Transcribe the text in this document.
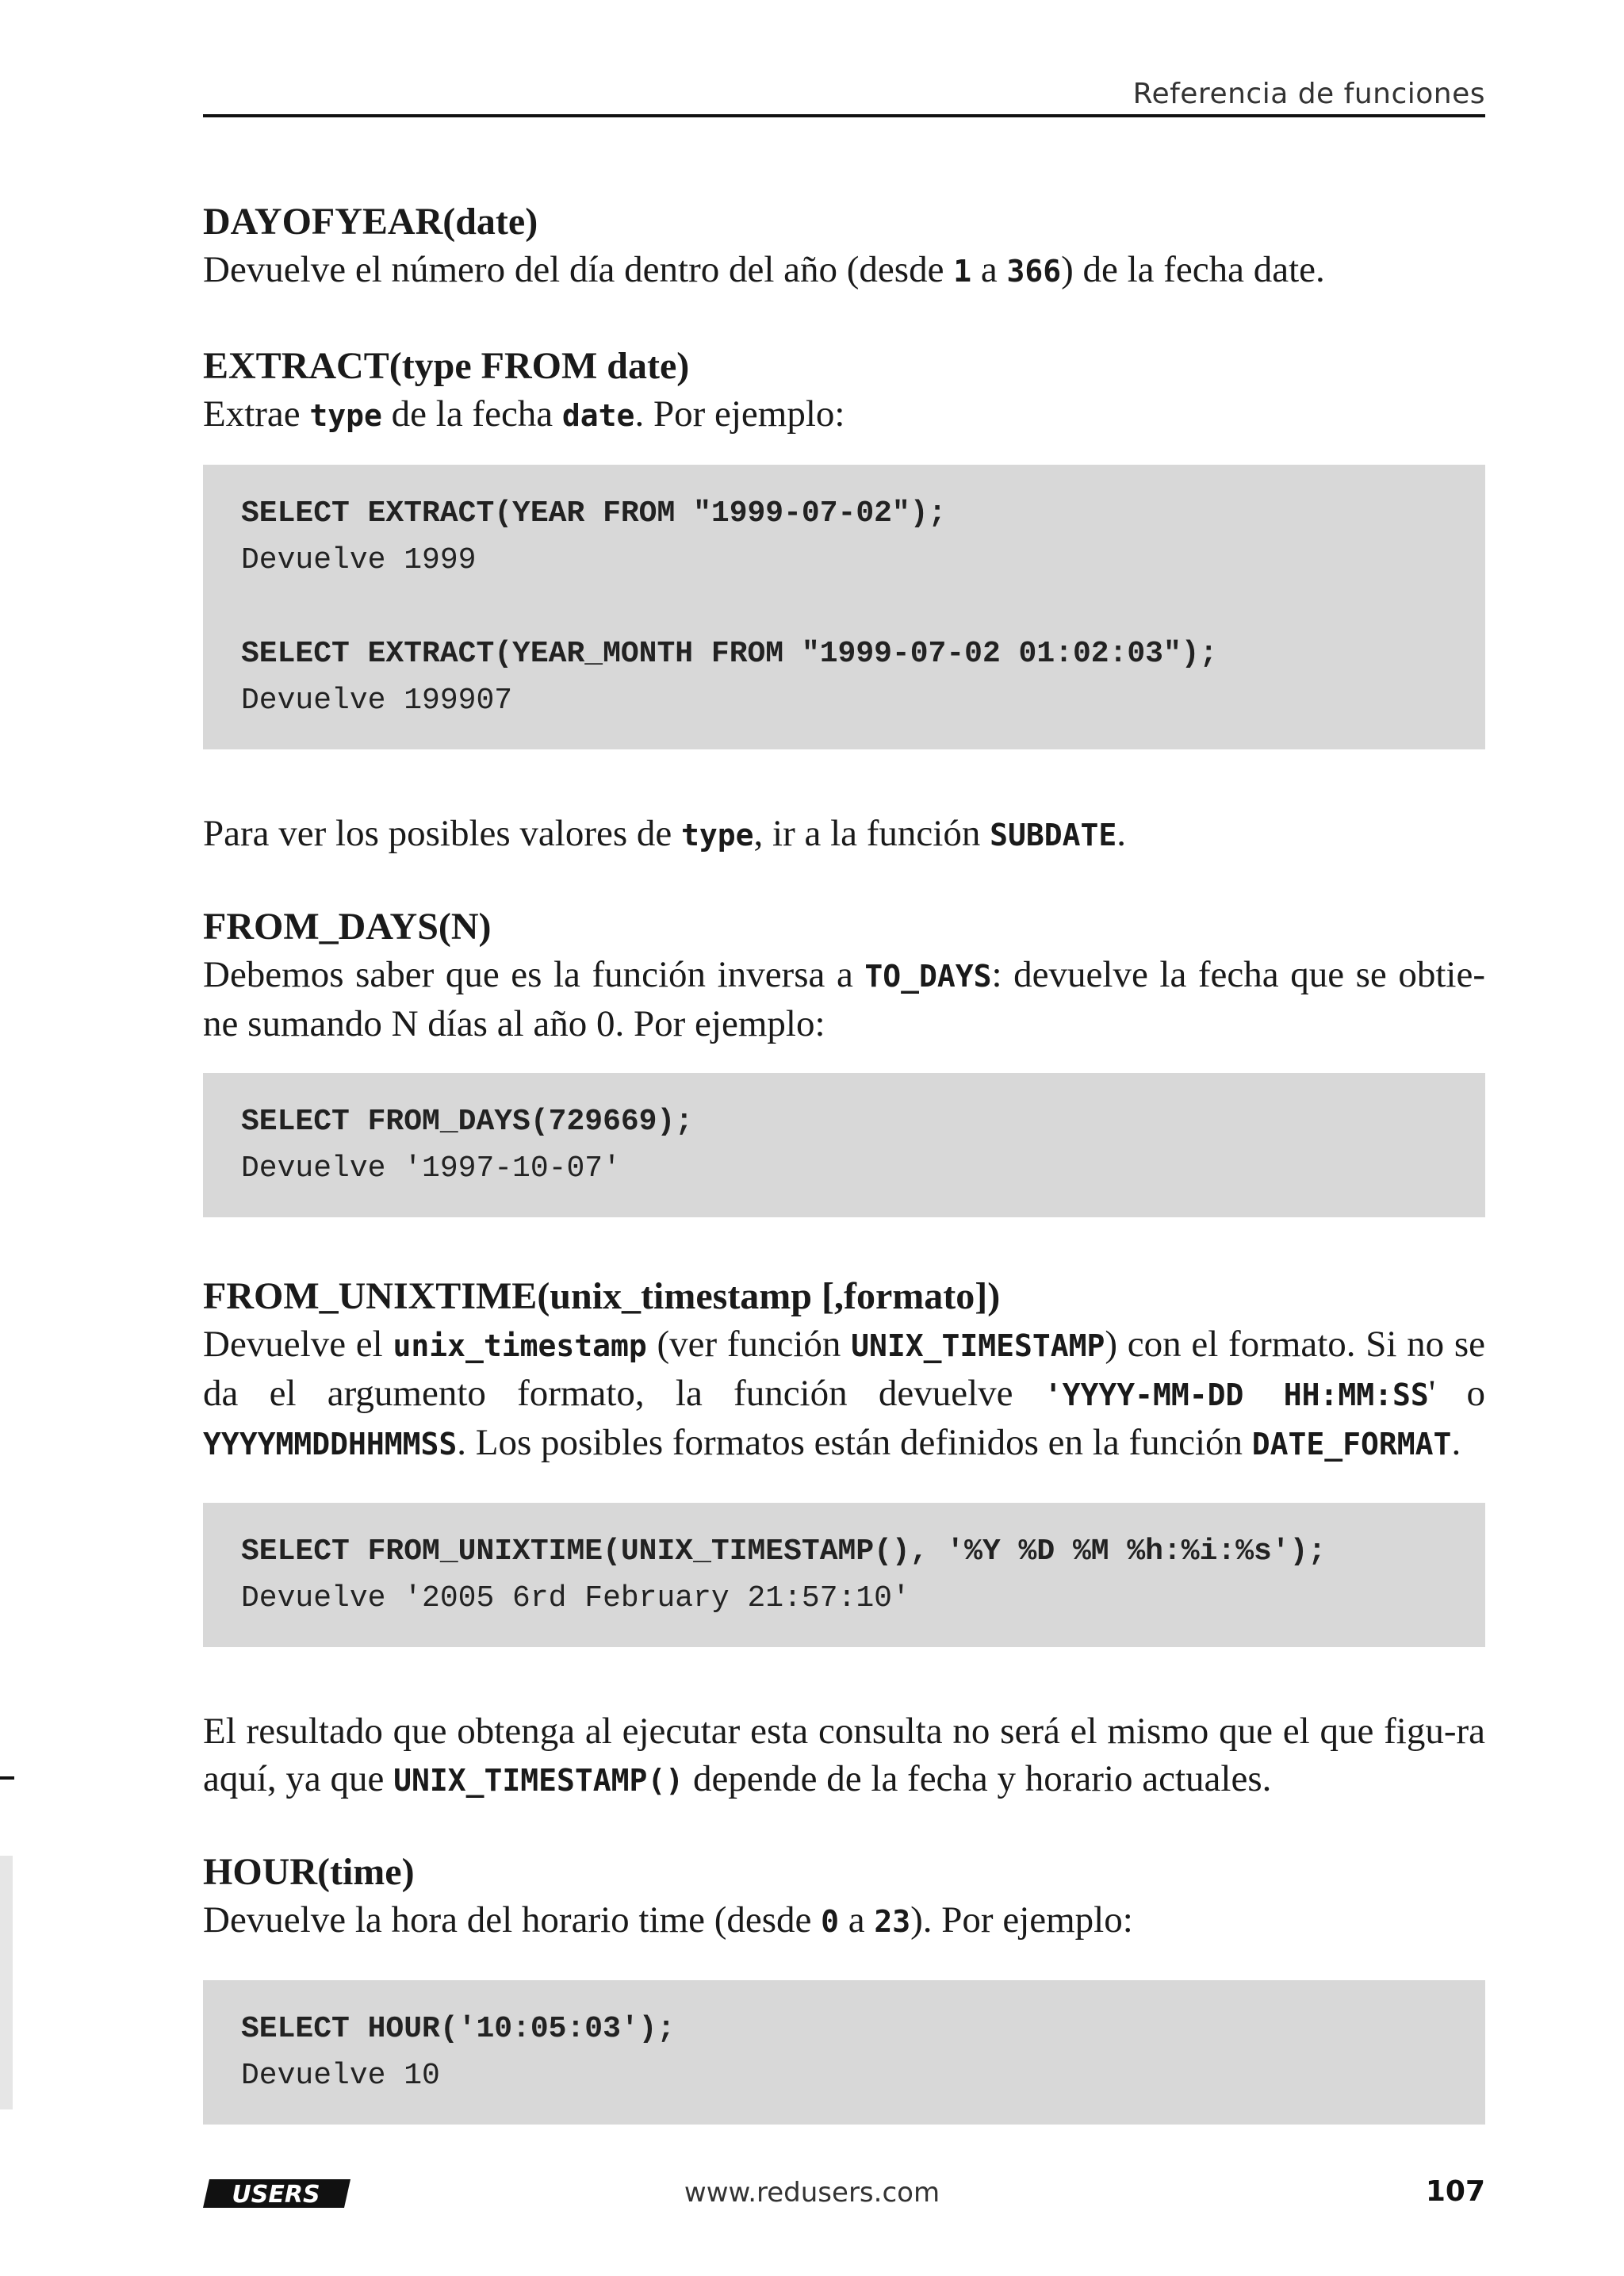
Referencia de funciones

DAYOFYEAR(date)

Devuelve el número del día dentro del año (desde 1 a 366) de la fecha date.

EXTRACT(type FROM date)

Extrae type de la fecha date. Por ejemplo:

SELECT EXTRACT(YEAR FROM "1999-07-02");
Devuelve 1999
SELECT EXTRACT(YEAR_MONTH FROM "1999-07-02 01:02:03");
Devuelve 199907

Para ver los posibles valores de type, ir a la función SUBDATE.

FROM_DAYS(N)

Debemos saber que es la función inversa a TO_DAYS: devuelve la fecha que se obtie-ne sumando N días al año 0. Por ejemplo:

SELECT FROM_DAYS(729669);
Devuelve '1997-10-07'

FROM_UNIXTIME(unix_timestamp [,formato])

Devuelve el unix_timestamp (ver función UNIX_TIMESTAMP) con el formato. Si no se da el argumento formato, la función devuelve 'YYYY-MM-DD HH:MM:SS' o YYYYMMDDHHMMSS. Los posibles formatos están definidos en la función DATE_FORMAT.

SELECT FROM_UNIXTIME(UNIX_TIMESTAMP(), '%Y %D %M %h:%i:%s');
Devuelve '2005 6rd February 21:57:10'

El resultado que obtenga al ejecutar esta consulta no será el mismo que el que figu-ra aquí, ya que UNIX_TIMESTAMP() depende de la fecha y horario actuales.

HOUR(time)

Devuelve la hora del horario time (desde 0 a 23). Por ejemplo:

SELECT HOUR('10:05:03');
Devuelve 10
USERS	www.redusers.com	107
